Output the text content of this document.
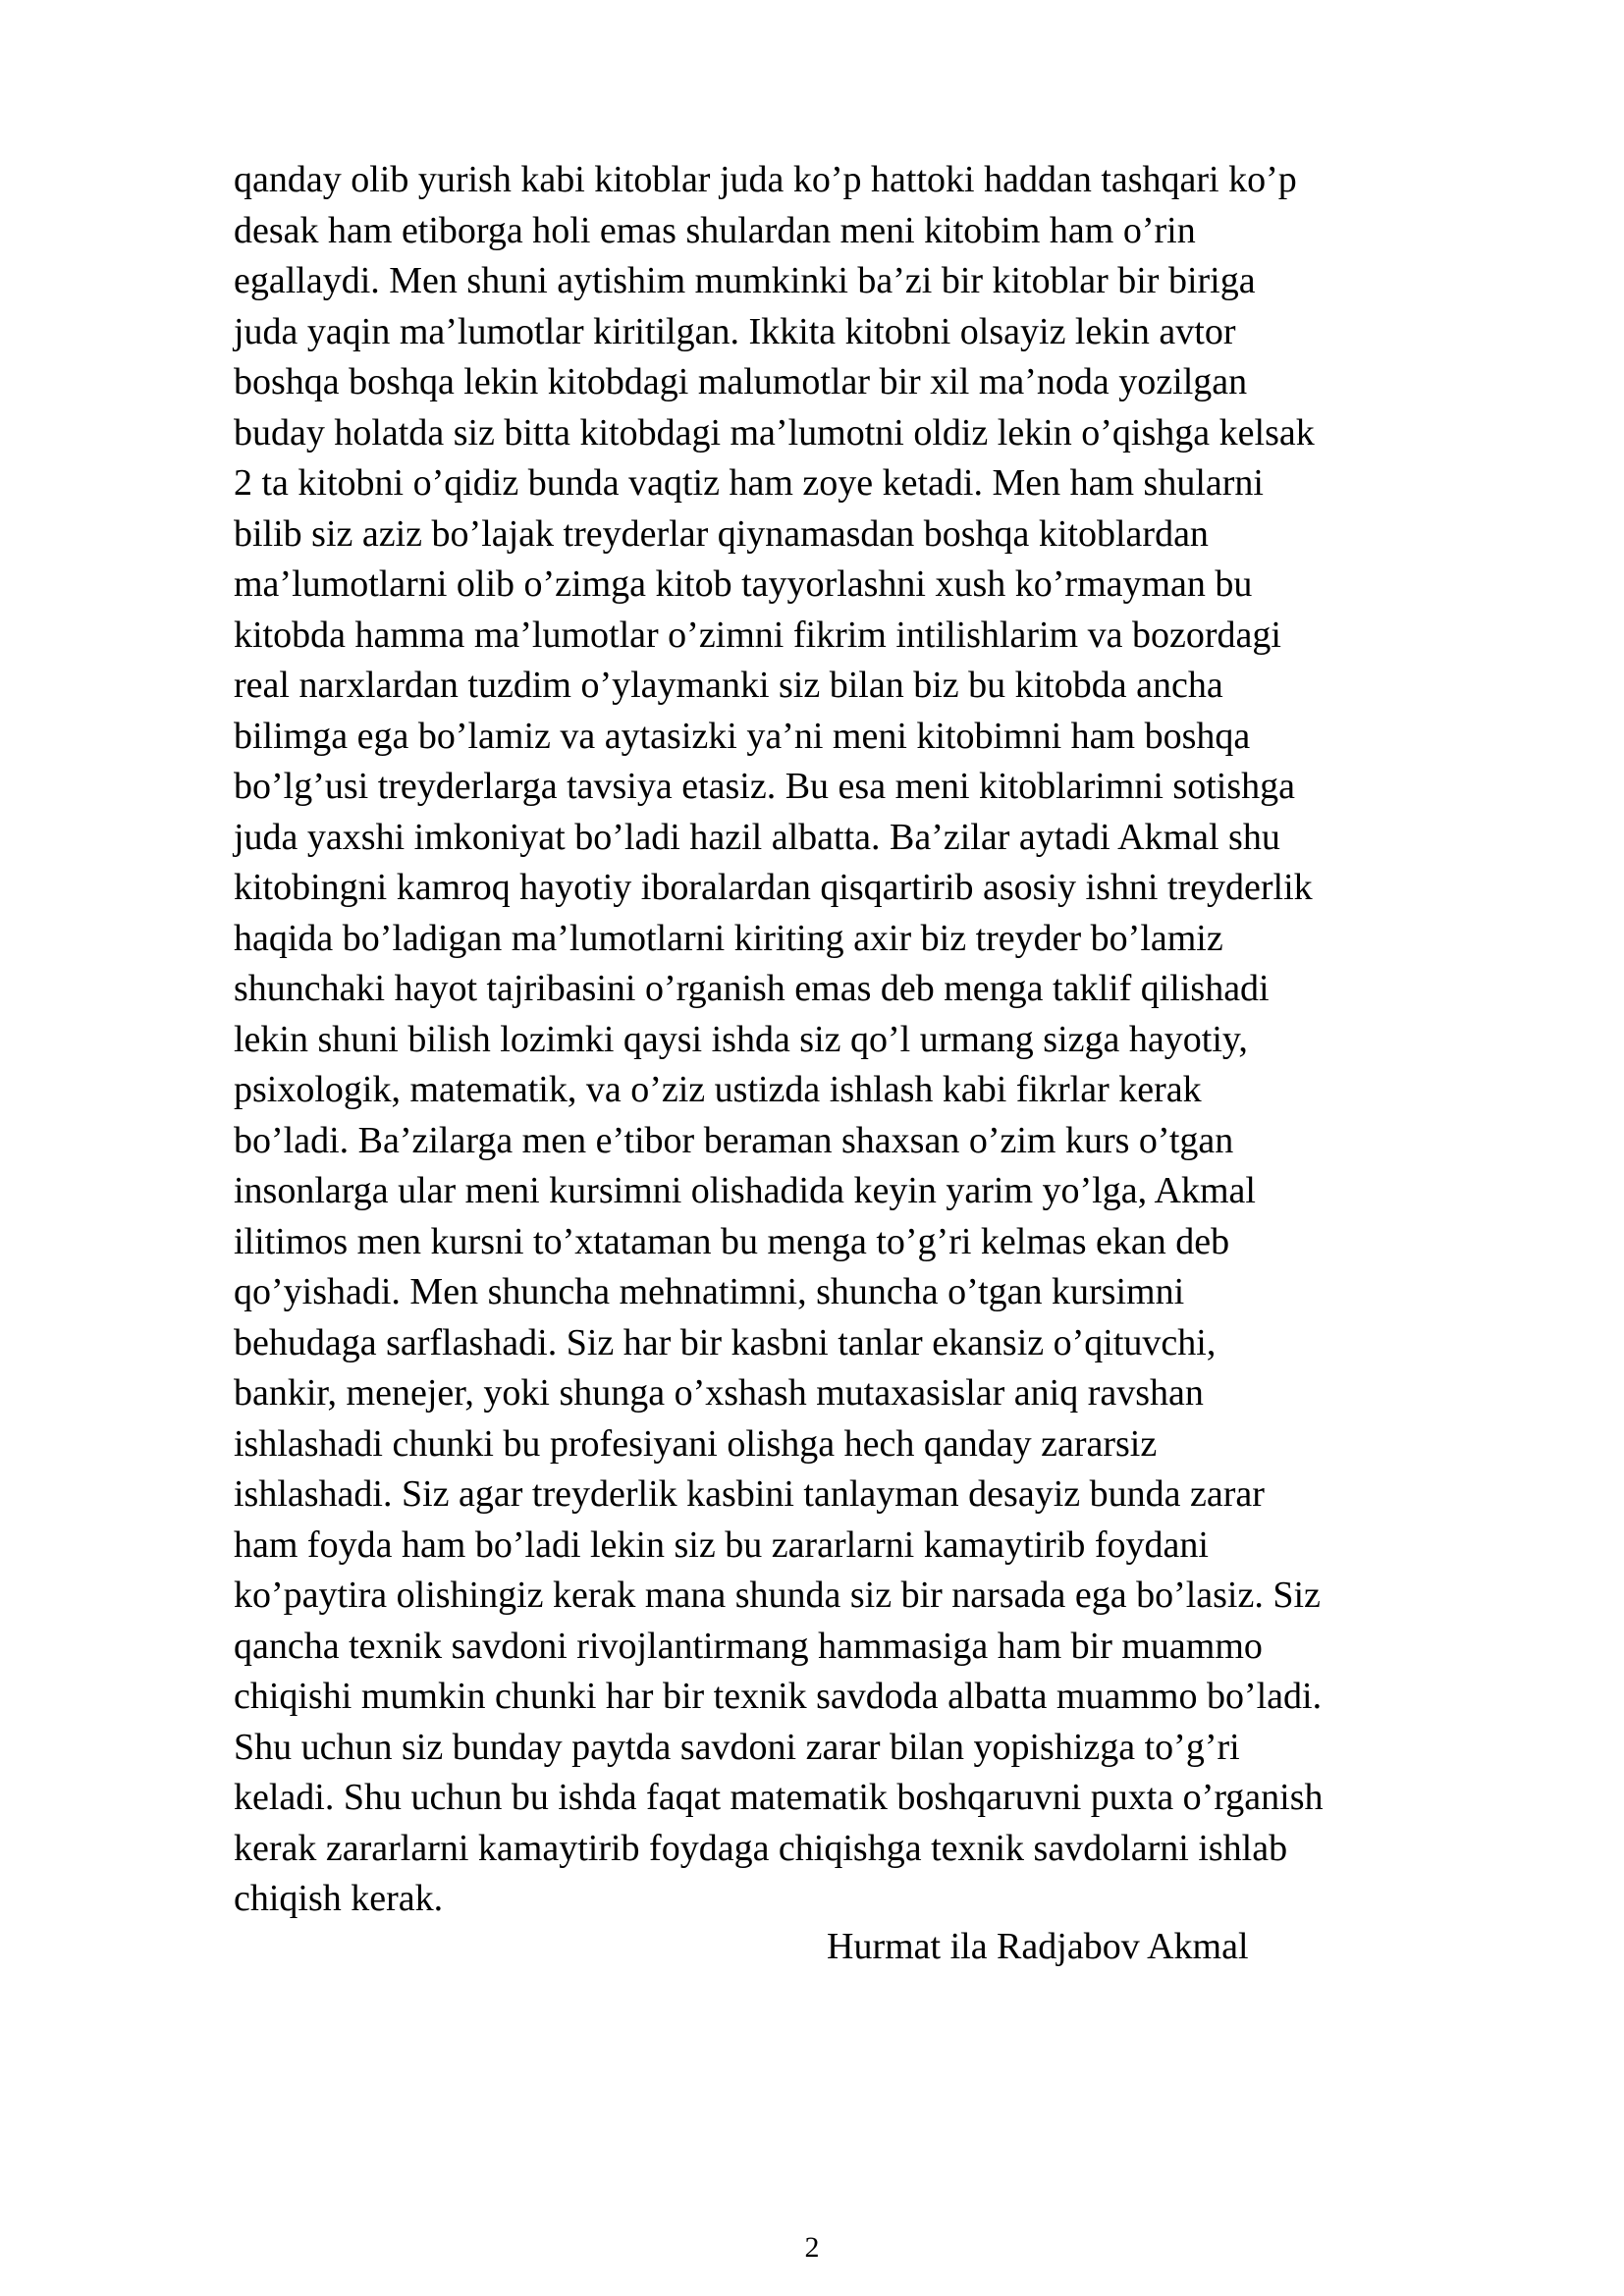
qanday olib yurish kabi kitoblar juda ko’p hattoki haddan tashqari ko’p
desak ham etiborga holi emas shulardan meni kitobim ham o’rin
egallaydi. Men shuni aytishim mumkinki ba’zi bir kitoblar bir biriga
juda yaqin ma’lumotlar kiritilgan. Ikkita kitobni olsayiz lekin avtor
boshqa boshqa lekin kitobdagi malumotlar bir xil ma’noda yozilgan
buday holatda siz bitta kitobdagi ma’lumotni oldiz lekin o’qishga kelsak
2 ta kitobni o’qidiz bunda vaqtiz ham zoye ketadi. Men ham shularni
bilib siz aziz bo’lajak treyderlar qiynamasdan boshqa kitoblardan
ma’lumotlarni olib o’zimga kitob tayyorlashni xush ko’rmayman bu
kitobda hamma ma’lumotlar o’zimni fikrim intilishlarim va bozordagi
real narxlardan tuzdim o’ylaymanki siz bilan biz bu kitobda ancha
bilimga ega bo’lamiz va aytasizki ya’ni meni kitobimni ham boshqa
bo’lg’usi treyderlarga tavsiya etasiz. Bu esa meni kitoblarimni sotishga
juda yaxshi imkoniyat bo’ladi hazil albatta. Ba’zilar aytadi Akmal shu
kitobingni kamroq hayotiy iboralardan qisqartirib asosiy ishni treyderlik
haqida bo’ladigan ma’lumotlarni kiriting axir biz treyder bo’lamiz
shunchaki hayot tajribasini o’rganish emas deb menga taklif qilishadi
lekin shuni bilish lozimki qaysi ishda siz qo’l urmang sizga hayotiy,
psixologik, matematik, va o’ziz ustizda ishlash kabi fikrlar kerak
bo’ladi. Ba’zilarga men e’tibor beraman shaxsan o’zim kurs o’tgan
insonlarga ular meni kursimni olishadida keyin yarim yo’lga, Akmal
ilitimos men kursni to’xtataman bu menga to’g’ri kelmas ekan deb
qo’yishadi. Men shuncha mehnatimni, shuncha o’tgan kursimni
behudaga sarflashadi. Siz har bir kasbni tanlar ekansiz o’qituvchi,
bankir, menejer, yoki shunga o’xshash mutaxasislar aniq ravshan
ishlashadi chunki bu profesiyani olishga hech qanday zararsiz
ishlashadi. Siz agar treyderlik kasbini tanlayman desayiz bunda zarar
ham foyda ham bo’ladi lekin siz bu zararlarni kamaytirib foydani
ko’paytira olishingiz kerak mana shunda siz bir narsada ega bo’lasiz. Siz
qancha texnik savdoni rivojlantirmang hammasiga ham bir muammo
chiqishi mumkin chunki har bir texnik savdoda albatta muammo bo’ladi.
Shu uchun siz bunday paytda savdoni zarar bilan yopishizga to’g’ri
keladi. Shu uchun bu ishda faqat matematik boshqaruvni puxta o’rganish
kerak zararlarni kamaytirib foydaga chiqishga texnik savdolarni ishlab
chiqish kerak.

Hurmat ila Radjabov Akmal

2
